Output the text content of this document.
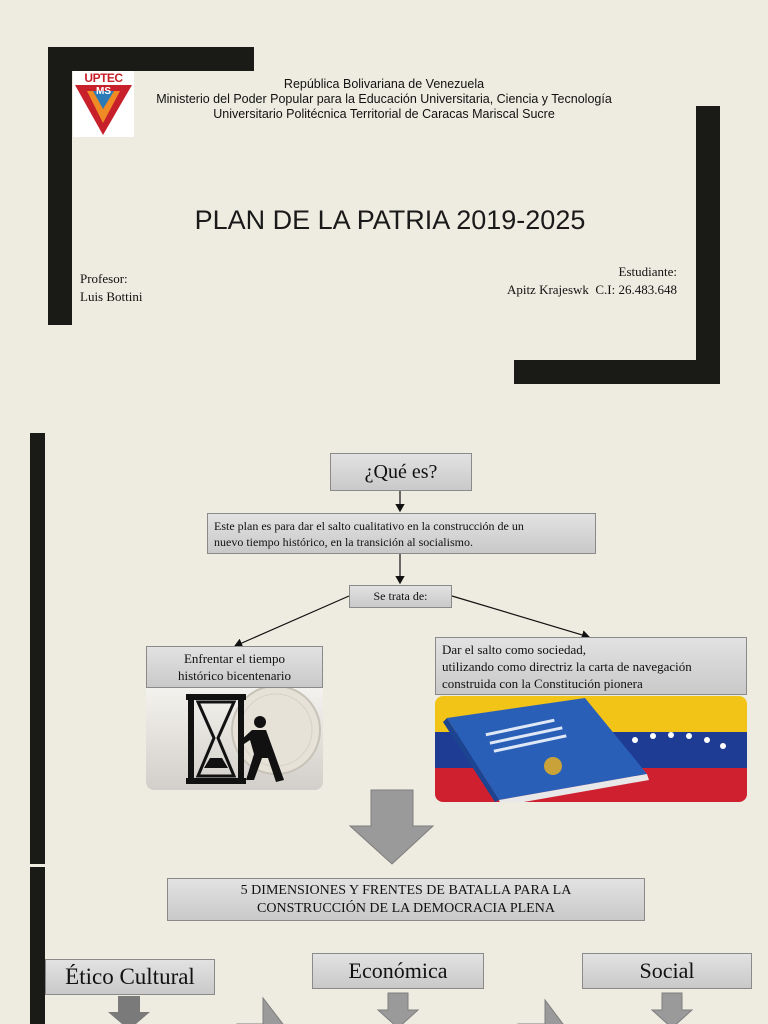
UPTEC
MS
República Bolivariana de Venezuela
Ministerio del Poder Popular para la Educación Universitaria, Ciencia y Tecnología
Universitario Politécnica Territorial de Caracas Mariscal Sucre
PLAN DE LA PATRIA 2019-2025
Profesor:
Luis Bottini
Estudiante:
Apitz Krajeswk  C.I: 26.483.648
¿Qué es?
Este plan es para dar el salto cualitativo en la construcción de un
nuevo tiempo histórico, en la transición al socialismo.
Se trata de:
Enfrentar el tiempo
histórico bicentenario
Dar el salto como sociedad,
utilizando como directriz la carta de navegación
construida con la Constitución pionera
5 DIMENSIONES Y FRENTES DE BATALLA PARA LA
CONSTRUCCIÓN DE LA DEMOCRACIA PLENA
Ético Cultural	Económica	Social
